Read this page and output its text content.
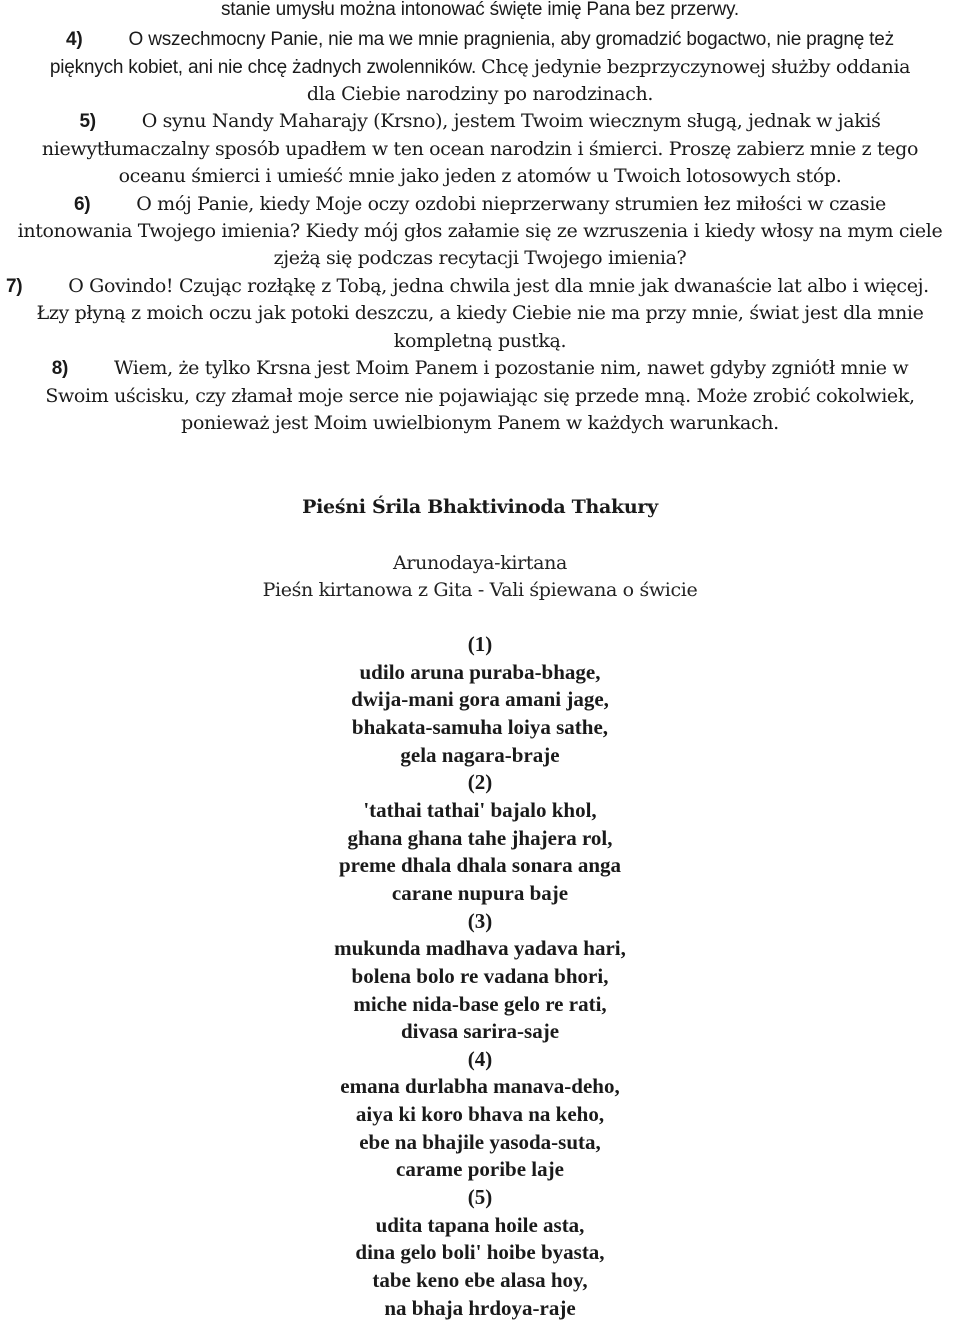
stanie umysłu można intonować święte imię Pana bez przerwy.
4) O wszechmocny Panie, nie ma we mnie pragnienia, aby gromadzić bogactwo, nie pragnę też
pięknych kobiet, ani nie chcę żadnych zwolenników. Chcę jedynie bezprzyczynowej służby oddania
dla Ciebie narodziny po narodzinach.
5) O synu Nandy Maharajy (Krsno), jestem Twoim wiecznym sługą, jednak w jakiś
niewytłumaczalny sposób upadłem w ten ocean narodzin i śmierci. Proszę zabierz mnie z tego
oceanu śmierci i umieść mnie jako jeden z atomów u Twoich lotosowych stóp.
6) O mój Panie, kiedy Moje oczy ozdobi nieprzerwany strumien łez miłości w czasie
intonowania Twojego imienia? Kiedy mój głos załamie się ze wzruszenia i kiedy włosy na mym ciele
zjeżą się podczas recytacji Twojego imienia?
7) O Govindo! Czując rozłąkę z Tobą, jedna chwila jest dla mnie jak dwanaście lat albo i więcej.
Łzy płyną z moich oczu jak potoki deszczu, a kiedy Ciebie nie ma przy mnie, świat jest dla mnie
kompletną pustką.
8) Wiem, że tylko Krsna jest Moim Panem i pozostanie nim, nawet gdyby zgniótł mnie w
Swoim uścisku, czy złamał moje serce nie pojawiając się przede mną. Może zrobić cokolwiek,
ponieważ jest Moim uwielbionym Panem w każdych warunkach.
Pieśni Śrila Bhaktivinoda Thakury
Arunodaya-kirtana
Pieśn kirtanowa z Gita - Vali śpiewana o świcie
(1)
udilo aruna puraba-bhage,
dwija-mani gora amani jage,
bhakata-samuha loiya sathe,
gela nagara-braje
(2)
'tathai tathai' bajalo khol,
ghana ghana tahe jhajera rol,
preme dhala dhala sonara anga
carane nupura baje
(3)
mukunda madhava yadava hari,
bolena bolo re vadana bhori,
miche nida-base gelo re rati,
divasa sarira-saje
(4)
emana durlabha manava-deho,
aiya ki koro bhava na keho,
ebe na bhajile yasoda-suta,
carame poribe laje
(5)
udita tapana hoile asta,
dina gelo boli' hoibe byasta,
tabe keno ebe alasa hoy,
na bhaja hrdoya-raje
